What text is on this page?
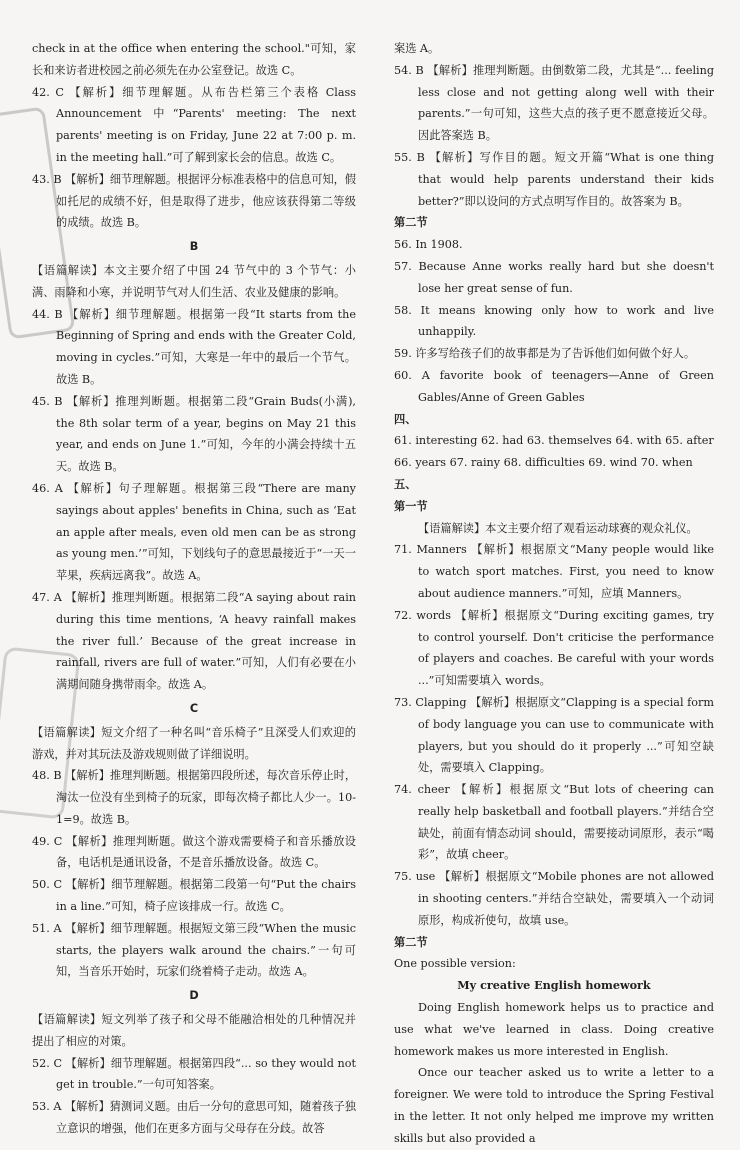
check in at the office when entering the school."可知，家长和来访者进校园之前必须先在办公室登记。故选 C。

42. C 【解析】细节理解题。从布告栏第三个表格 Class Announcement 中“Parents' meeting: The next parents' meeting is on Friday, June 22 at 7:00 p. m. in the meeting hall.”可了解到家长会的信息。故选 C。

43. B 【解析】细节理解题。根据评分标准表格中的信息可知，假如托尼的成绩不好，但是取得了进步，他应该获得第二等级的成绩。故选 B。

B

【语篇解读】本文主要介绍了中国 24 节气中的 3 个节气：小满、雨降和小寒，并说明节气对人们生活、农业及健康的影响。

44. B 【解析】细节理解题。根据第一段“It starts from the Beginning of Spring and ends with the Greater Cold, moving in cycles.”可知，大寒是一年中的最后一个节气。故选 B。

45. B 【解析】推理判断题。根据第二段“Grain Buds(小满), the 8th solar term of a year, begins on May 21 this year, and ends on June 1.”可知，今年的小满会持续十五天。故选 B。

46. A 【解析】句子理解题。根据第三段“There are many sayings about apples' benefits in China, such as ‘Eat an apple after meals, even old men can be as strong as young men.’”可知，下划线句子的意思最接近于“一天一苹果，疾病远离我”。故选 A。

47. A 【解析】推理判断题。根据第二段“A saying about rain during this time mentions, ‘A heavy rainfall makes the river full.’ Because of the great increase in rainfall, rivers are full of water.”可知，人们有必要在小满期间随身携带雨伞。故选 A。

C

【语篇解读】短文介绍了一种名叫“音乐椅子”且深受人们欢迎的游戏，并对其玩法及游戏规则做了详细说明。

48. B 【解析】推理判断题。根据第四段所述，每次音乐停止时，淘汰一位没有坐到椅子的玩家，即每次椅子都比人少一。10-1=9。故选 B。

49. C 【解析】推理判断题。做这个游戏需要椅子和音乐播放设备，电话机是通讯设备，不是音乐播放设备。故选 C。

50. C 【解析】细节理解题。根据第二段第一句“Put the chairs in a line.”可知，椅子应该排成一行。故选 C。

51. A 【解析】细节理解题。根据短文第三段“When the music starts, the players walk around the chairs.”一句可知，当音乐开始时，玩家们绕着椅子走动。故选 A。

D

【语篇解读】短文列举了孩子和父母不能融洽相处的几种情况并提出了相应的对策。

52. C 【解析】细节理解题。根据第四段“... so they would not get in trouble.”一句可知答案。

53. A 【解析】猜测词义题。由后一分句的意思可知，随着孩子独立意识的增强，他们在更多方面与父母存在分歧。故答

案选 A。

54. B 【解析】推理判断题。由倒数第二段，尤其是“... feeling less close and not getting along well with their parents.”一句可知，这些大点的孩子更不愿意接近父母。因此答案选 B。

55. B 【解析】写作目的题。短文开篇“What is one thing that would help parents understand their kids better?”即以设问的方式点明写作目的。故答案为 B。

第二节

56. In 1908.

57. Because Anne works really hard but she doesn't lose her great sense of fun.

58. It means knowing only how to work and live unhappily.

59. 许多写给孩子们的故事都是为了告诉他们如何做个好人。

60. A favorite book of teenagers—Anne of Green Gables/Anne of Green Gables

四、

61. interesting 62. had 63. themselves 64. with 65. after

66. years 67. rainy 68. difficulties 69. wind 70. when

五、

第一节

【语篇解读】本文主要介绍了观看运动球赛的观众礼仪。

71. Manners 【解析】根据原文“Many people would like to watch sport matches. First, you need to know about audience manners.”可知，应填 Manners。

72. words 【解析】根据原文“During exciting games, try to control yourself. Don't criticise the performance of players and coaches. Be careful with your words ...”可知需要填入 words。

73. Clapping 【解析】根据原文“Clapping is a special form of body language you can use to communicate with players, but you should do it properly ...”可知空缺处，需要填入 Clapping。

74. cheer 【解析】根据原文“But lots of cheering can really help basketball and football players.”并结合空缺处，前面有情态动词 should，需要接动词原形，表示“喝彩”，故填 cheer。

75. use 【解析】根据原文“Mobile phones are not allowed in shooting centers.”并结合空缺处，需要填入一个动词原形，构成祈使句，故填 use。

第二节

One possible version:

My creative English homework

Doing English homework helps us to practice and use what we've learned in class. Doing creative homework makes us more interested in English.

Once our teacher asked us to write a letter to a foreigner. We were told to introduce the Spring Festival in the letter. It not only helped me improve my written skills but also provided a
